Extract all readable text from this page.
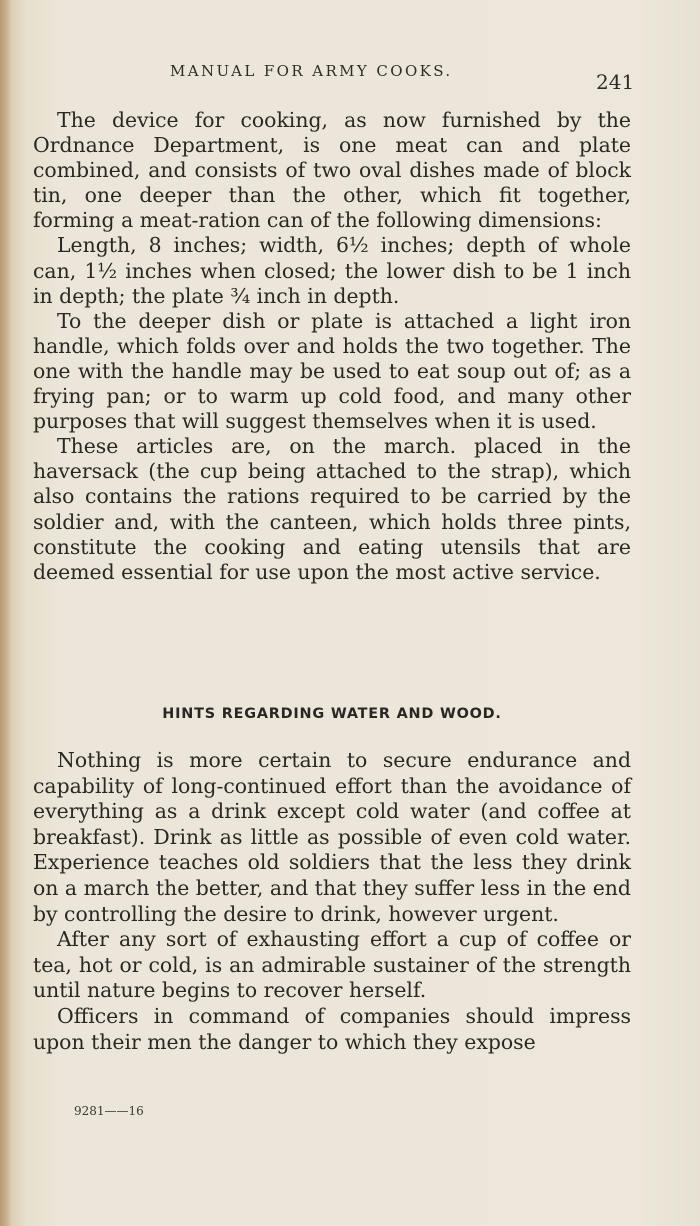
MANUAL FOR ARMY COOKS.	241

The device for cooking, as now furnished by the Ordnance Department, is one meat can and plate combined, and consists of two oval dishes made of block tin, one deeper than the other, which fit together, forming a meat-ration can of the following dimensions:

Length, 8 inches; width, 6½ inches; depth of whole can, 1½ inches when closed; the lower dish to be 1 inch in depth; the plate ¾ inch in depth.

To the deeper dish or plate is attached a light iron handle, which folds over and holds the two together. The one with the handle may be used to eat soup out of; as a frying pan; or to warm up cold food, and many other purposes that will suggest themselves when it is used.

These articles are, on the march. placed in the haversack (the cup being attached to the strap), which also contains the rations required to be carried by the soldier and, with the canteen, which holds three pints, constitute the cooking and eating utensils that are deemed essential for use upon the most active service.

HINTS REGARDING WATER AND WOOD.

Nothing is more certain to secure endurance and capability of long-continued effort than the avoidance of everything as a drink except cold water (and coffee at breakfast). Drink as little as possible of even cold water. Experience teaches old soldiers that the less they drink on a march the better, and that they suffer less in the end by controlling the desire to drink, however urgent.

After any sort of exhausting effort a cup of coffee or tea, hot or cold, is an admirable sustainer of the strength until nature begins to recover herself.

Officers in command of companies should impress upon their men the danger to which they expose

9281——16
